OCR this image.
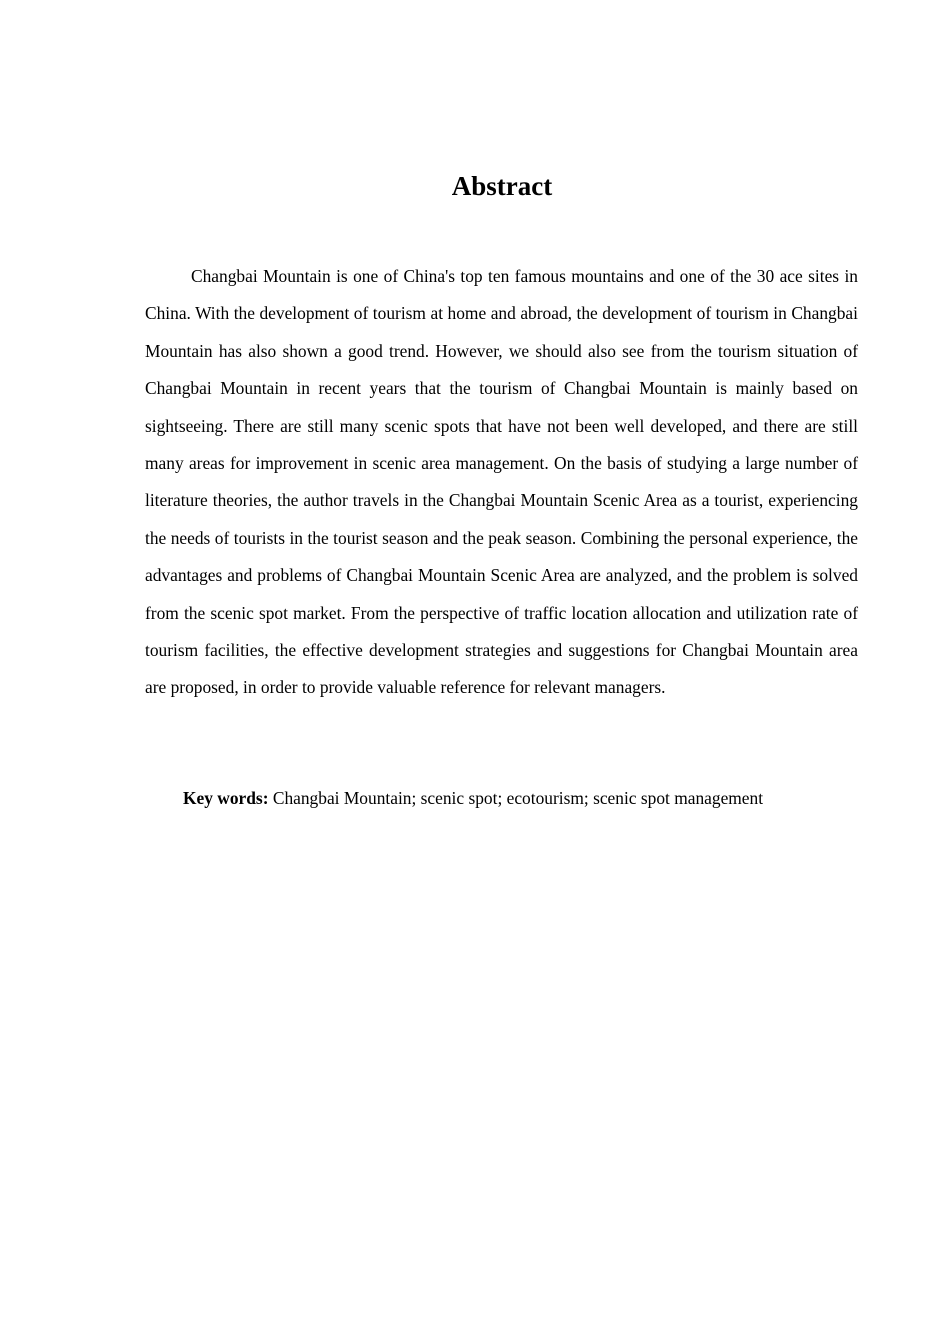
Abstract

Changbai Mountain is one of China's top ten famous mountains and one of the 30 ace sites in China. With the development of tourism at home and abroad, the development of tourism in Changbai Mountain has also shown a good trend. However, we should also see from the tourism situation of Changbai Mountain in recent years that the tourism of Changbai Mountain is mainly based on sightseeing. There are still many scenic spots that have not been well developed, and there are still many areas for improvement in scenic area management. On the basis of studying a large number of literature theories, the author travels in the Changbai Mountain Scenic Area as a tourist, experiencing the needs of tourists in the tourist season and the peak season. Combining the personal experience, the advantages and problems of Changbai Mountain Scenic Area are analyzed, and the problem is solved from the scenic spot market. From the perspective of traffic location allocation and utilization rate of tourism facilities, the effective development strategies and suggestions for Changbai Mountain area are proposed, in order to provide valuable reference for relevant managers.

Key words: Changbai Mountain; scenic spot; ecotourism; scenic spot management
